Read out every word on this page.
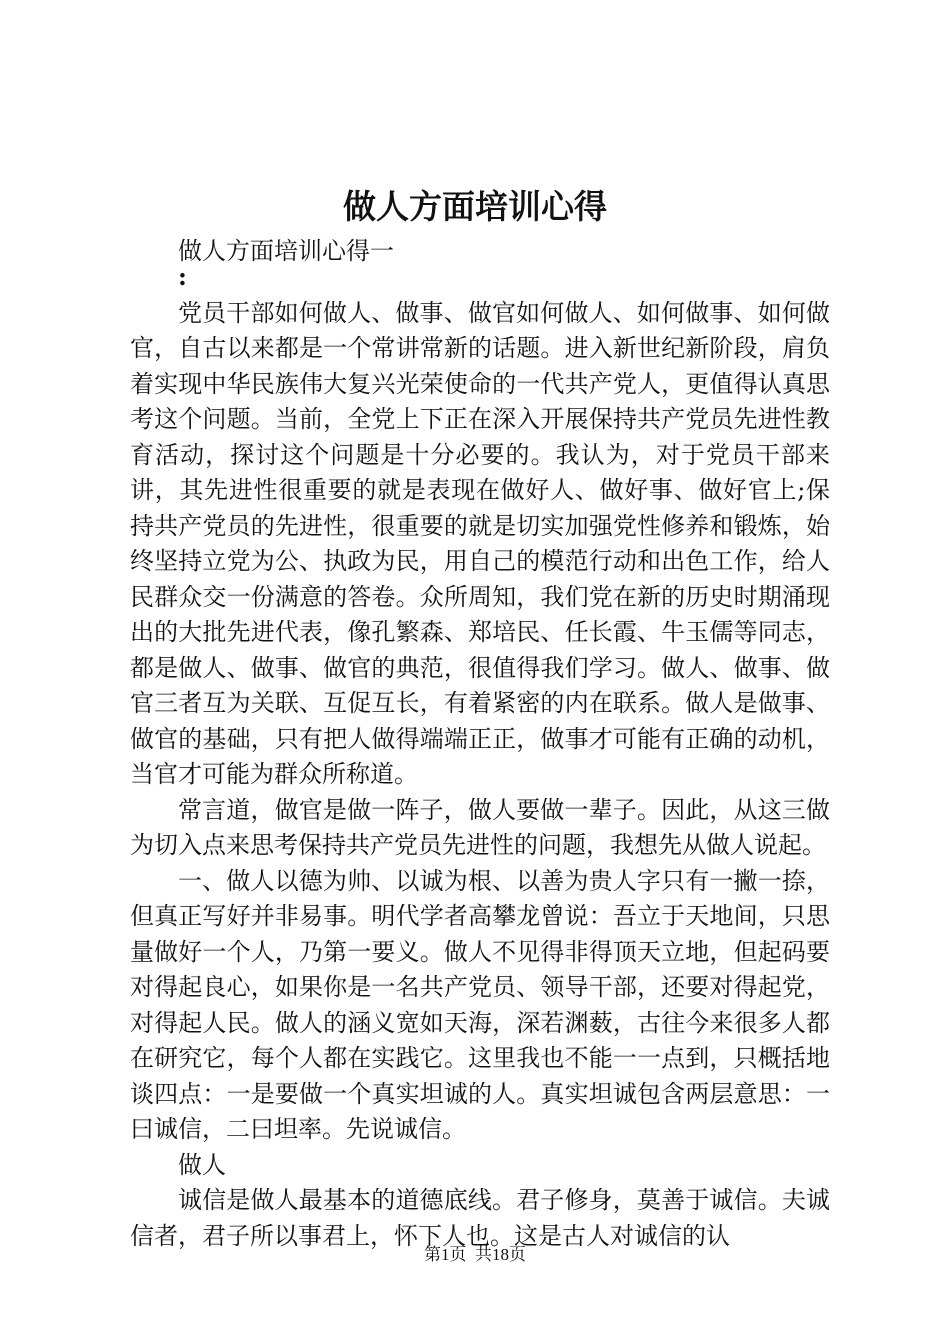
做人方面培训心得

做人方面培训心得一

:

党员干部如何做人、做事、做官如何做人、如何做事、如何做官，自古以来都是一个常讲常新的话题。进入新世纪新阶段，肩负着实现中华民族伟大复兴光荣使命的一代共产党人，更值得认真思考这个问题。当前，全党上下正在深入开展保持共产党员先进性教育活动，探讨这个问题是十分必要的。我认为，对于党员干部来讲，其先进性很重要的就是表现在做好人、做好事、做好官上;保持共产党员的先进性，很重要的就是切实加强党性修养和锻炼，始终坚持立党为公、执政为民，用自己的模范行动和出色工作，给人民群众交一份满意的答卷。众所周知，我们党在新的历史时期涌现出的大批先进代表，像孔繁森、郑培民、任长霞、牛玉儒等同志，都是做人、做事、做官的典范，很值得我们学习。做人、做事、做官三者互为关联、互促互长，有着紧密的内在联系。做人是做事、做官的基础，只有把人做得端端正正，做事才可能有正确的动机，当官才可能为群众所称道。

常言道，做官是做一阵子，做人要做一辈子。因此，从这三做为切入点来思考保持共产党员先进性的问题，我想先从做人说起。

一、做人以德为帅、以诚为根、以善为贵人字只有一撇一捺，但真正写好并非易事。明代学者高攀龙曾说：吾立于天地间，只思量做好一个人，乃第一要义。做人不见得非得顶天立地，但起码要对得起良心，如果你是一名共产党员、领导干部，还要对得起党，对得起人民。做人的涵义宽如天海，深若渊薮，古往今来很多人都在研究它，每个人都在实践它。这里我也不能一一点到，只概括地谈四点：一是要做一个真实坦诚的人。真实坦诚包含两层意思：一曰诚信，二曰坦率。先说诚信。

做人

诚信是做人最基本的道德底线。君子修身，莫善于诚信。夫诚信者，君子所以事君上，怀下人也。这是古人对诚信的认

第1页 共18页
